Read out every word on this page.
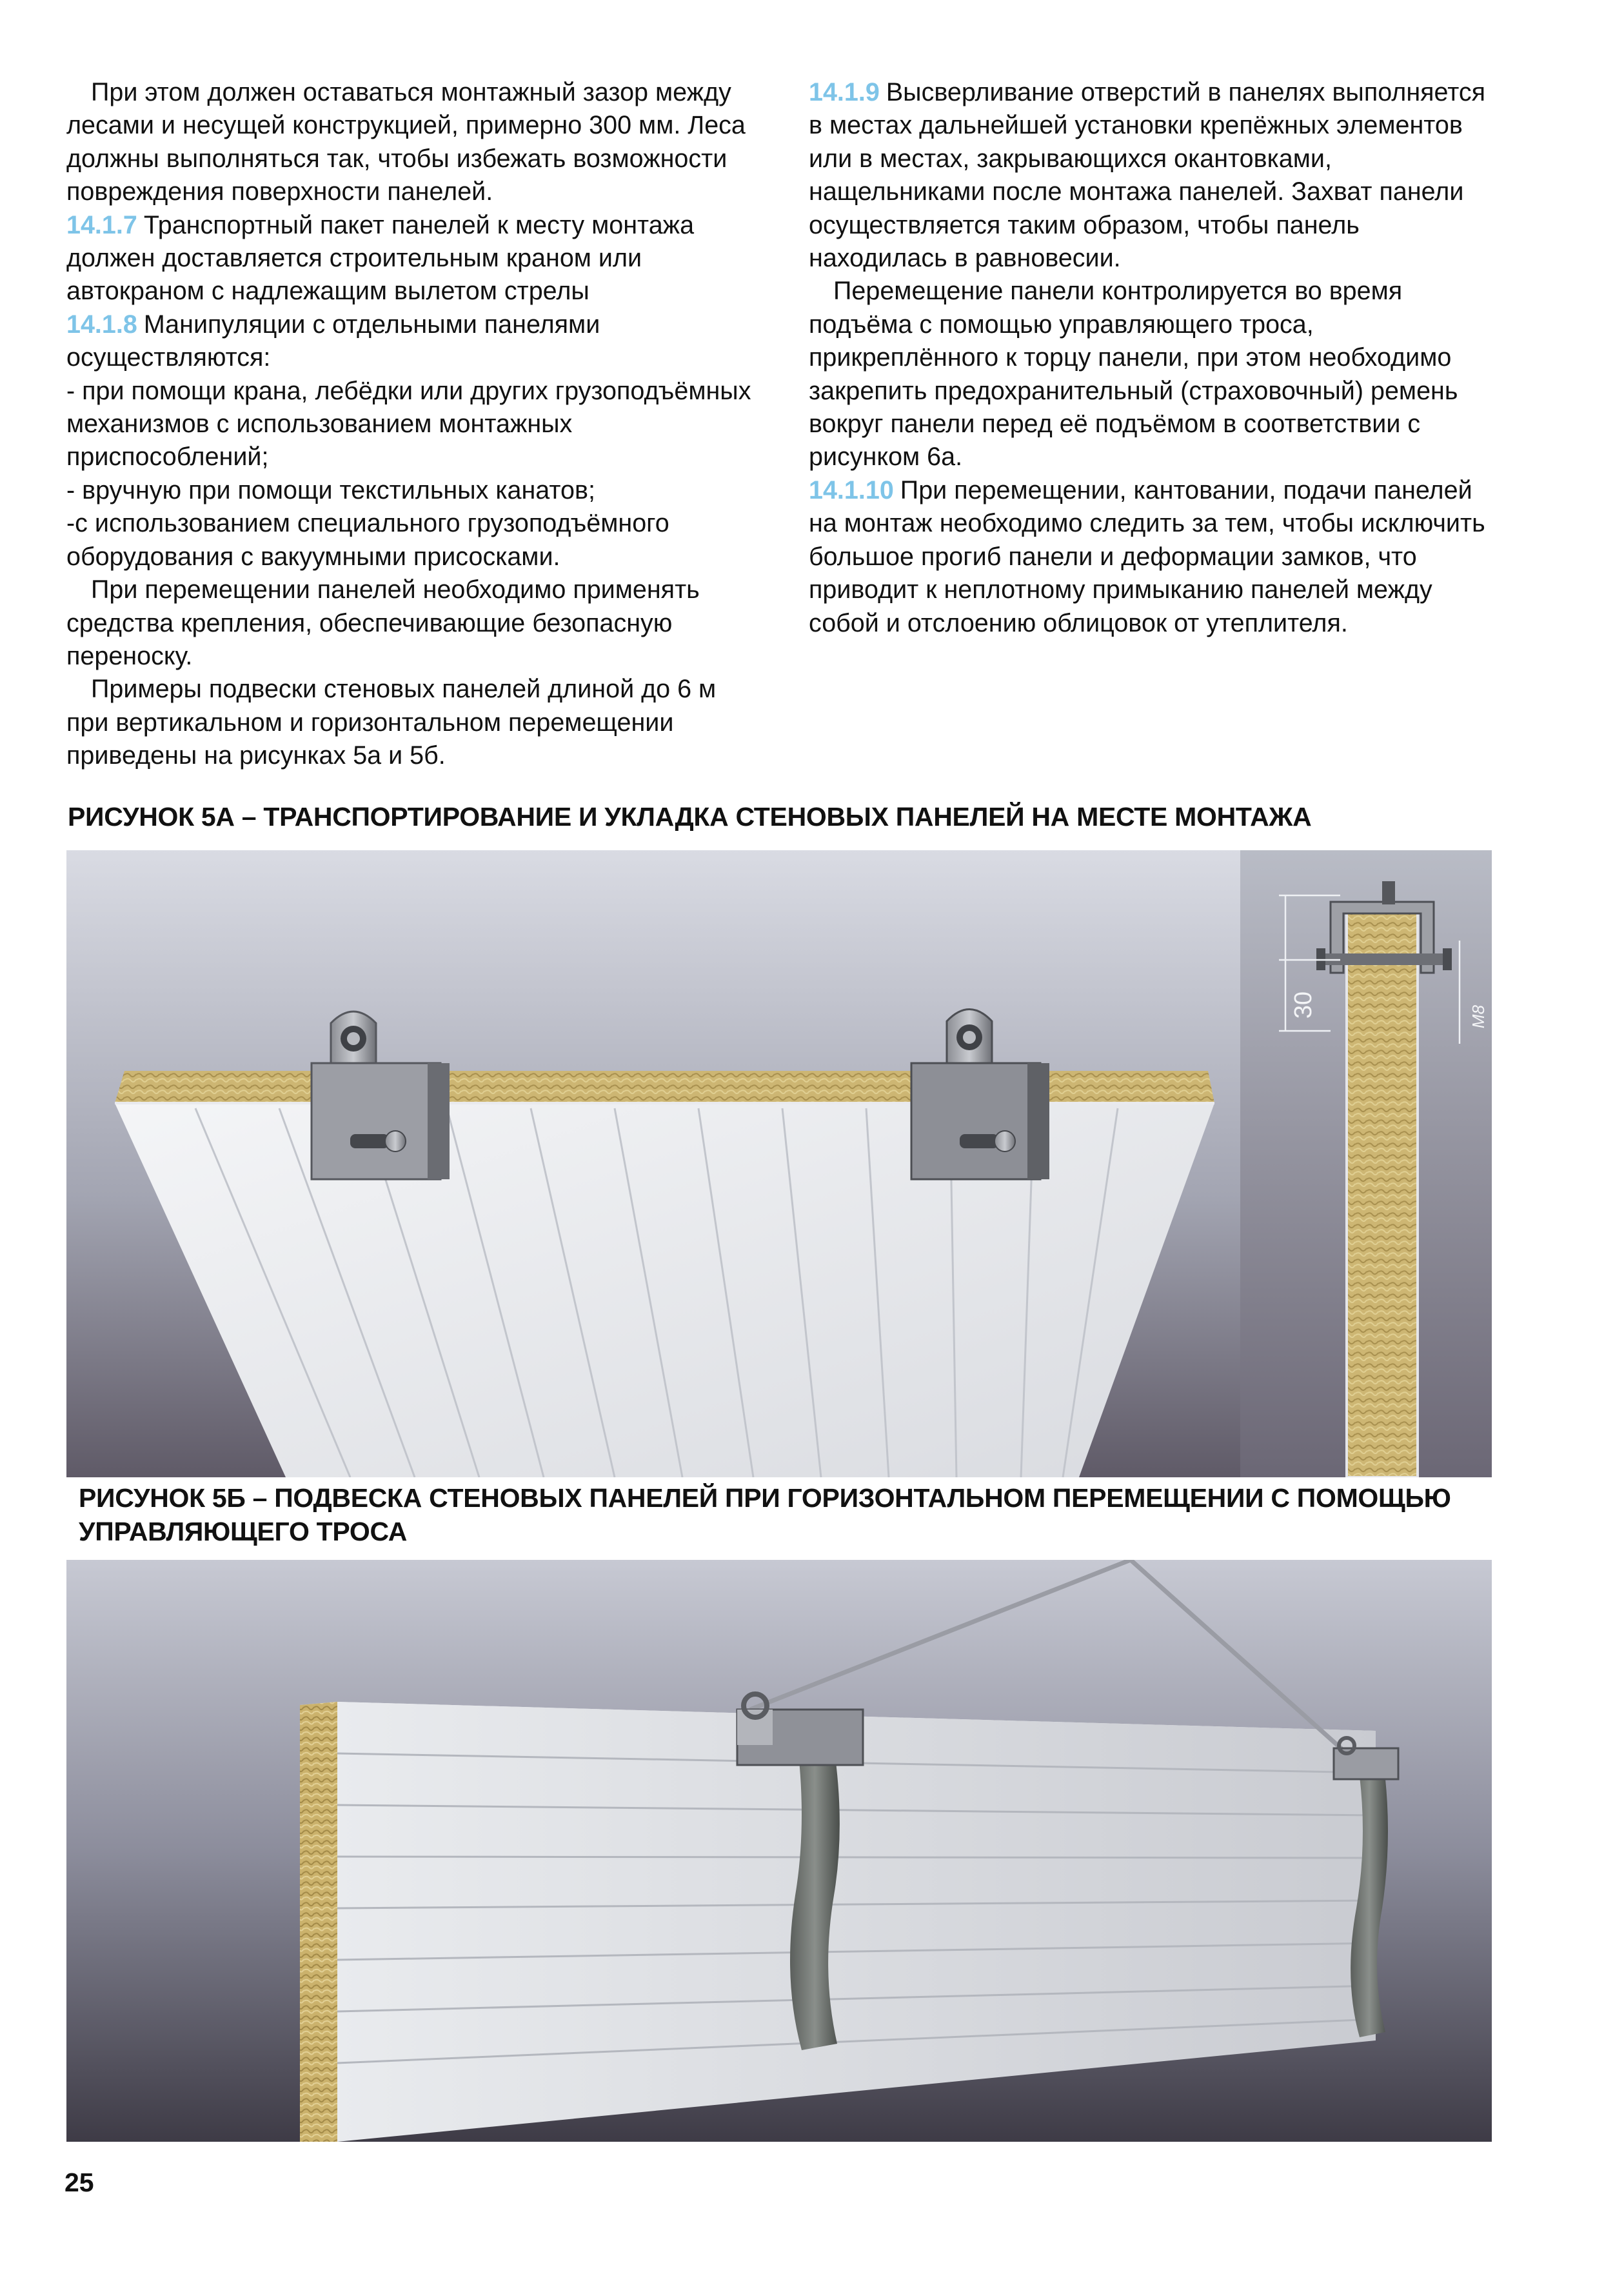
При этом должен оставаться монтажный зазор между лесами и несущей конструкцией, примерно 300 мм. Леса должны выполняться так, чтобы избежать возможности повреждения поверхности панелей.

14.1.7 Транспортный пакет панелей к месту монтажа должен доставляется строительным краном или автокраном с надлежащим вылетом стрелы

14.1.8 Манипуляции с отдельными панелями осуществляются:

- при помощи крана, лебёдки или других грузоподъёмных механизмов с использованием монтажных приспособлений;

- вручную при помощи текстильных канатов;

-с использованием специального грузоподъёмного оборудования с вакуумными присосками.

При перемещении панелей необходимо применять средства крепления, обеспечивающие безопасную переноску.

Примеры подвески стеновых панелей длиной до 6 м при вертикальном и горизонтальном перемещении приведены на рисунках 5а и 5б.

14.1.9 Высверливание отверстий в панелях выполняется в местах дальнейшей установки крепёжных элементов или в местах, закрывающихся окантовками, нащельниками после монтажа панелей. Захват панели осуществляется таким образом, чтобы панель находилась в равновесии.

Перемещение панели контролируется во время подъёма с помощью управляющего троса, прикреплённого к торцу панели, при этом необходимо закрепить предохранительный (страховочный) ремень вокруг панели перед её подъёмом в соответствии с рисунком 6а.

14.1.10 При перемещении, кантовании, подачи панелей на монтаж необходимо следить за тем, чтобы исключить большое прогиб панели и деформации замков, что приводит к неплотному примыканию панелей между собой и отслоению облицовок от утеплителя.

РИСУНОК 5А – ТРАНСПОРТИРОВАНИЕ И УКЛАДКА СТЕНОВЫХ ПАНЕЛЕЙ НА МЕСТЕ МОНТАЖА
30	M8
РИСУНОК 5Б – ПОДВЕСКА СТЕНОВЫХ ПАНЕЛЕЙ ПРИ ГОРИЗОНТАЛЬНОМ ПЕРЕМЕЩЕНИИ С ПОМОЩЬЮ УПРАВЛЯЮЩЕГО ТРОСА
25
